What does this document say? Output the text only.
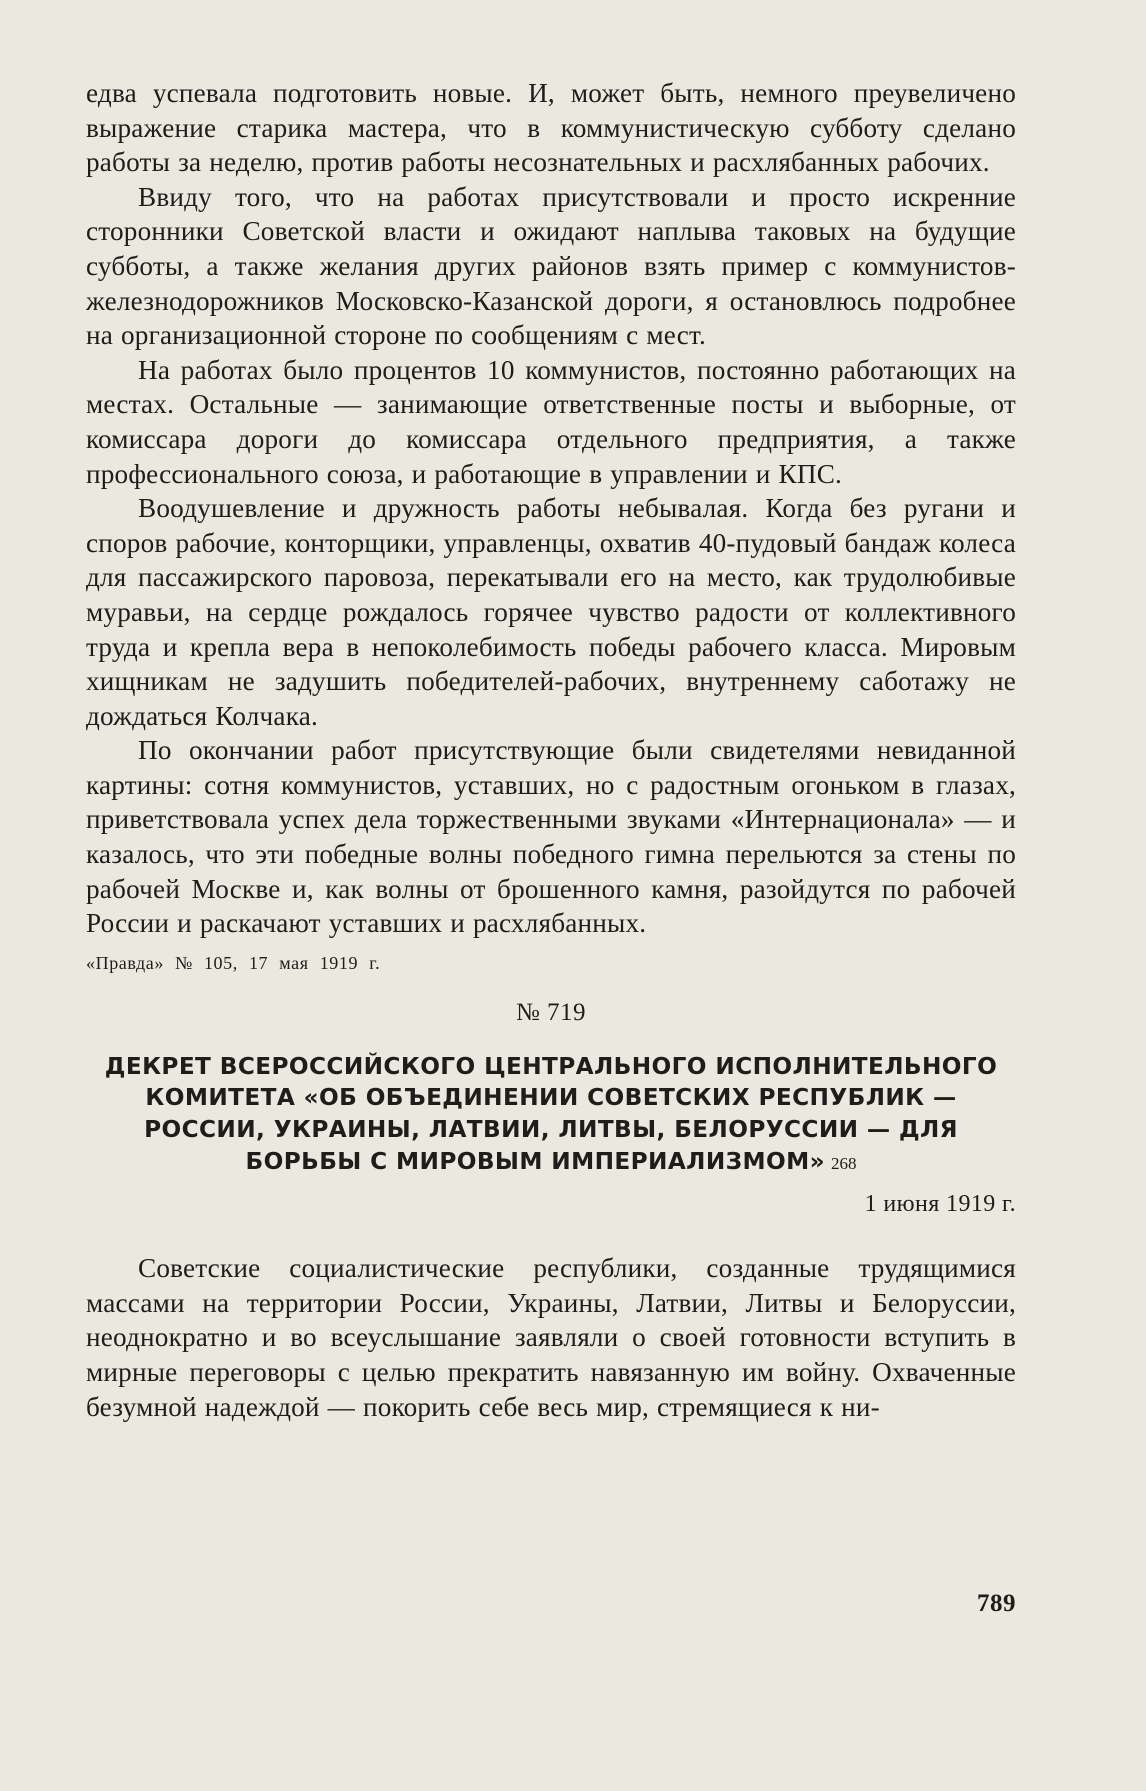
едва успевала подготовить новые. И, может быть, немного преувеличено выражение старика мастера, что в коммунистическую субботу сделано работы за неделю, против работы несознательных и расхлябанных рабочих.

Ввиду того, что на работах присутствовали и просто искренние сторонники Советской власти и ожидают наплыва таковых на будущие субботы, а также желания других районов взять пример с коммунистов-железнодорожников Московско-Казанской дороги, я остановлюсь подробнее на организационной стороне по сообщениям с мест.

На работах было процентов 10 коммунистов, постоянно работающих на местах. Остальные — занимающие ответственные посты и выборные, от комиссара дороги до комиссара отдельного предприятия, а также профессионального союза, и работающие в управлении и КПС.

Воодушевление и дружность работы небывалая. Когда без ругани и споров рабочие, конторщики, управленцы, охватив 40-пудовый бандаж колеса для пассажирского паровоза, перекатывали его на место, как трудолюбивые муравьи, на сердце рождалось горячее чувство радости от коллективного труда и крепла вера в непоколебимость победы рабочего класса. Мировым хищникам не задушить победителей-рабочих, внутреннему саботажу не дождаться Колчака.

По окончании работ присутствующие были свидетелями невиданной картины: сотня коммунистов, уставших, но с радостным огоньком в глазах, приветствовала успех дела торжественными звуками «Интернационала» — и казалось, что эти победные волны победного гимна перельются за стены по рабочей Москве и, как волны от брошенного камня, разойдутся по рабочей России и раскачают уставших и расхлябанных.

«Правда» № 105, 17 мая 1919 г.

№ 719

ДЕКРЕТ ВСЕРОССИЙСКОГО ЦЕНТРАЛЬНОГО ИСПОЛНИТЕЛЬНОГО КОМИТЕТА «ОБ ОБЪЕДИНЕНИИ СОВЕТСКИХ РЕСПУБЛИК — РОССИИ, УКРАИНЫ, ЛАТВИИ, ЛИТВЫ, БЕЛОРУССИИ — ДЛЯ БОРЬБЫ С МИРОВЫМ ИМПЕРИАЛИЗМОМ» 268

1 июня 1919 г.

Советские социалистические республики, созданные трудящимися массами на территории России, Украины, Латвии, Литвы и Белоруссии, неоднократно и во всеуслышание заявляли о своей готовности вступить в мирные переговоры с целью прекратить навязанную им войну. Охваченные безумной надеждой — покорить себе весь мир, стремящиеся к ни-

789
